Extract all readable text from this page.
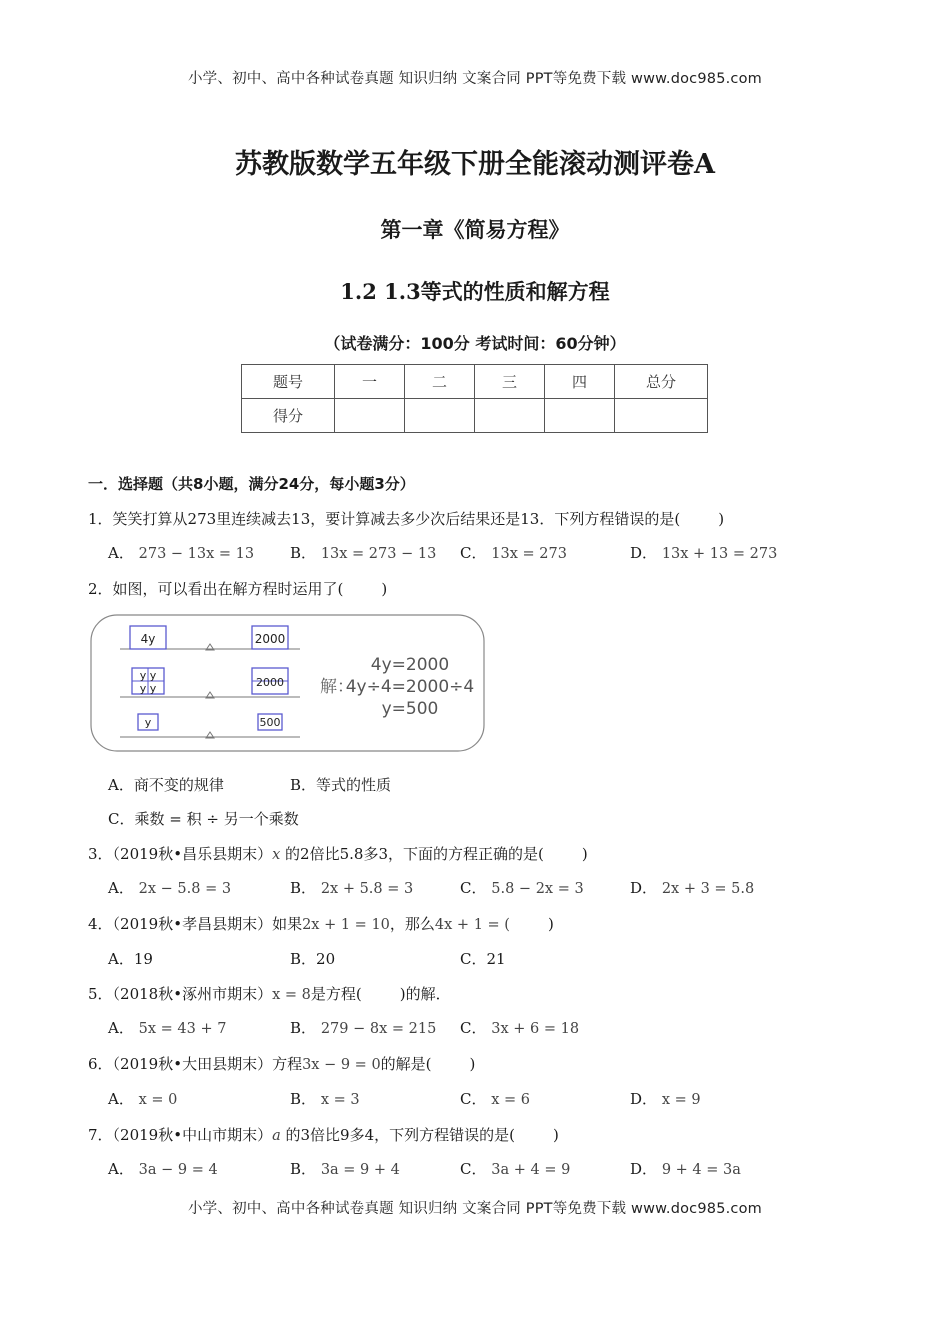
小学、初中、高中各种试卷真题 知识归纳 文案合同 PPT等免费下载 www.doc985.com
苏教版数学五年级下册全能滚动测评卷A
第一章《简易方程》
1.2 1.3等式的性质和解方程
（试卷满分：100分 考试时间：60分钟）
题号	一	二	三	四	总分
得分					
一．选择题（共8小题，满分24分，每小题3分）
1．笑笑打算从273里连续减去13，要计算减去多少次后结果还是13．下列方程错误的是(	)
A． 273 − 13x = 13 B． 13x = 273 − 13 C． 13x = 273	D． 13x + 13 = 273
2．如图，可以看出在解方程时运用了(	)
4y	2000
y y
y y	2000
y	500
解：
4y=2000
4y÷4=2000÷4
y=500
A．商不变的规律	B．等式的性质
C．乘数 = 积 ÷ 另一个乘数
3．（2019秋•昌乐县期末）x 的2倍比5.8多3，下面的方程正确的是(	)
A． 2x − 5.8 = 3	B． 2x + 5.8 = 3	C． 5.8 − 2x = 3	D． 2x + 3 = 5.8
4．（2019秋•孝昌县期末）如果2x + 1 = 10，那么4x + 1 = (	)
A．19	B．20	C．21
5．（2018秋•涿州市期末）x = 8是方程(	)的解．
A． 5x = 43 + 7	B． 279 − 8x = 215 C． 3x + 6 = 18
6．（2019秋•大田县期末）方程3x − 9 = 0的解是(	)
A． x = 0	B． x = 3	C． x = 6	D． x = 9
7．（2019秋•中山市期末）a 的3倍比9多4，下列方程错误的是(	)
A． 3a − 9 = 4	B． 3a = 9 + 4	C． 3a + 4 = 9	D． 9 + 4 = 3a
小学、初中、高中各种试卷真题 知识归纳 文案合同 PPT等免费下载 www.doc985.com
